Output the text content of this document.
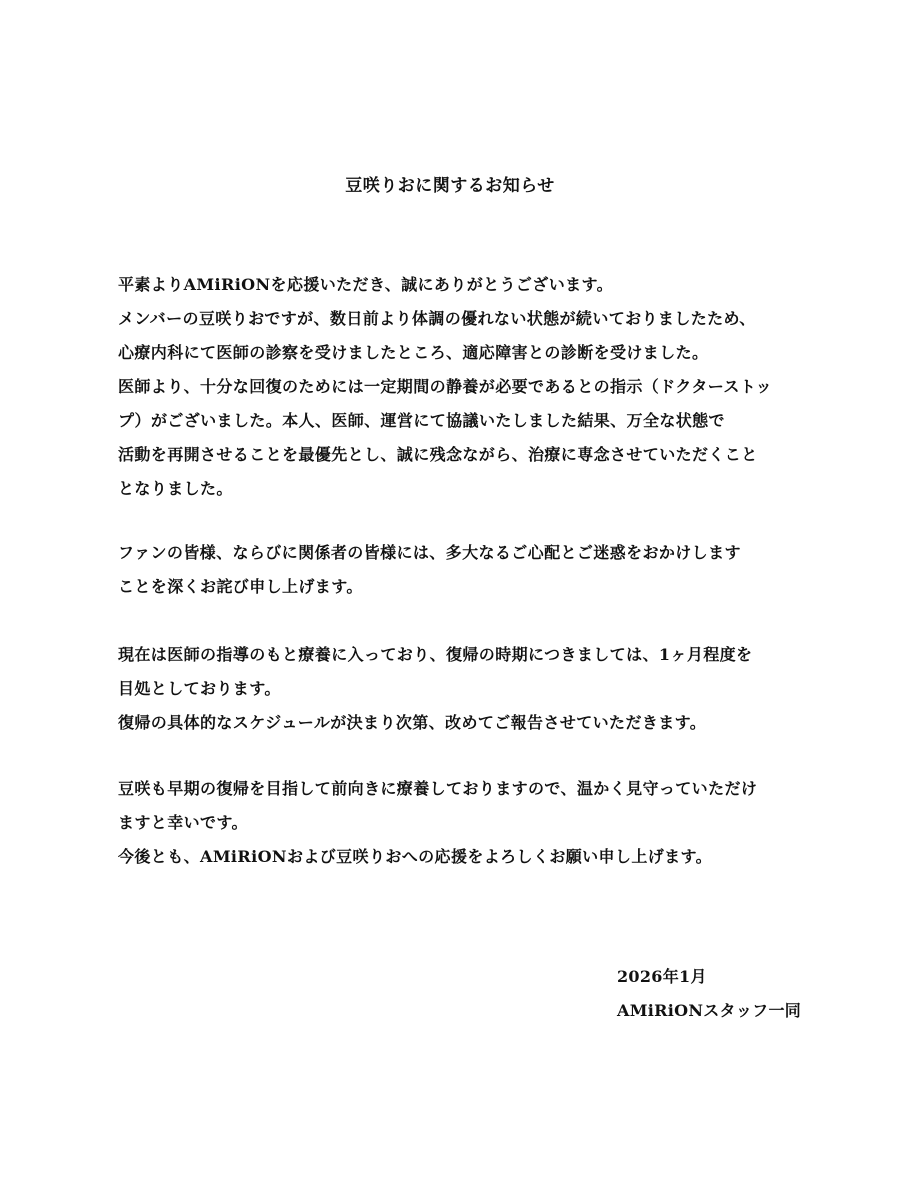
豆咲りおに関するお知らせ
平素よりAMiRiONを応援いただき、誠にありがとうございます。
メンバーの豆咲りおですが、数日前より体調の優れない状態が続いておりましたため、
心療内科にて医師の診察を受けましたところ、適応障害との診断を受けました。
医師より、十分な回復のためには一定期間の静養が必要であるとの指示（ドクターストッ
プ）がございました。本人、医師、運営にて協議いたしました結果、万全な状態で
活動を再開させることを最優先とし、誠に残念ながら、治療に専念させていただくこと
となりました。
ファンの皆様、ならびに関係者の皆様には、多大なるご心配とご迷惑をおかけします
ことを深くお詫び申し上げます。
現在は医師の指導のもと療養に入っており、復帰の時期につきましては、1ヶ月程度を
目処としております。
復帰の具体的なスケジュールが決まり次第、改めてご報告させていただきます。
豆咲も早期の復帰を目指して前向きに療養しておりますので、温かく見守っていただけ
ますと幸いです。
今後とも、AMiRiONおよび豆咲りおへの応援をよろしくお願い申し上げます。
2026年1月
AMiRiONスタッフ一同
